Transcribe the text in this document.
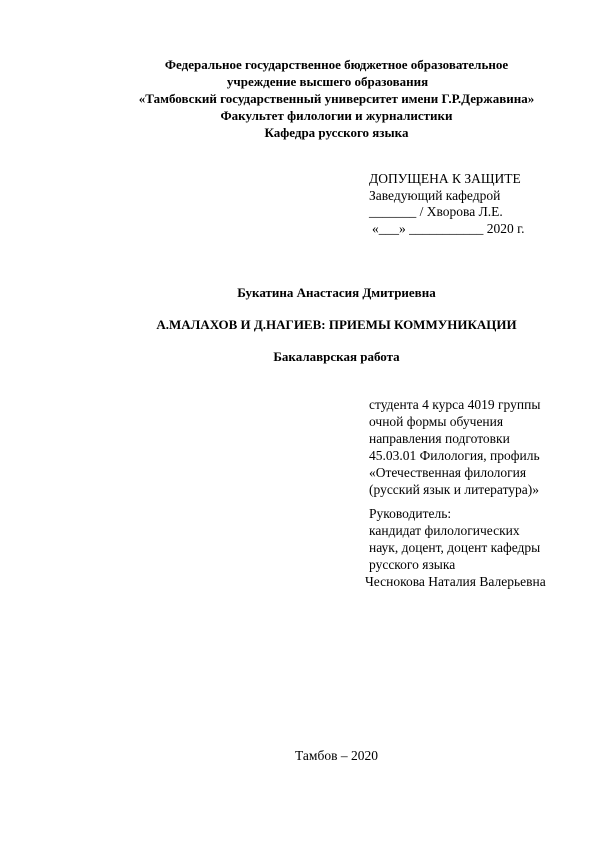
Федеральное государственное бюджетное образовательное
учреждение высшего образования
«Тамбовский государственный университет имени Г.Р.Державина»
Факультет филологии и журналистики
Кафедра русского языка
ДОПУЩЕНА К ЗАЩИТЕ
Заведующий кафедрой
_______ / Хворова Л.Е.
«___» ___________ 2020 г.
Букатина Анастасия Дмитриевна
А.МАЛАХОВ И Д.НАГИЕВ: ПРИЕМЫ КОММУНИКАЦИИ
Бакалаврская работа
студента 4 курса 4019 группы
очной формы обучения
направления подготовки
45.03.01 Филология, профиль
«Отечественная филология
(русский язык и литература)»
Руководитель:
кандидат филологических
наук, доцент, доцент кафедры
русского языка
Чеснокова Наталия Валерьевна
Тамбов – 2020
